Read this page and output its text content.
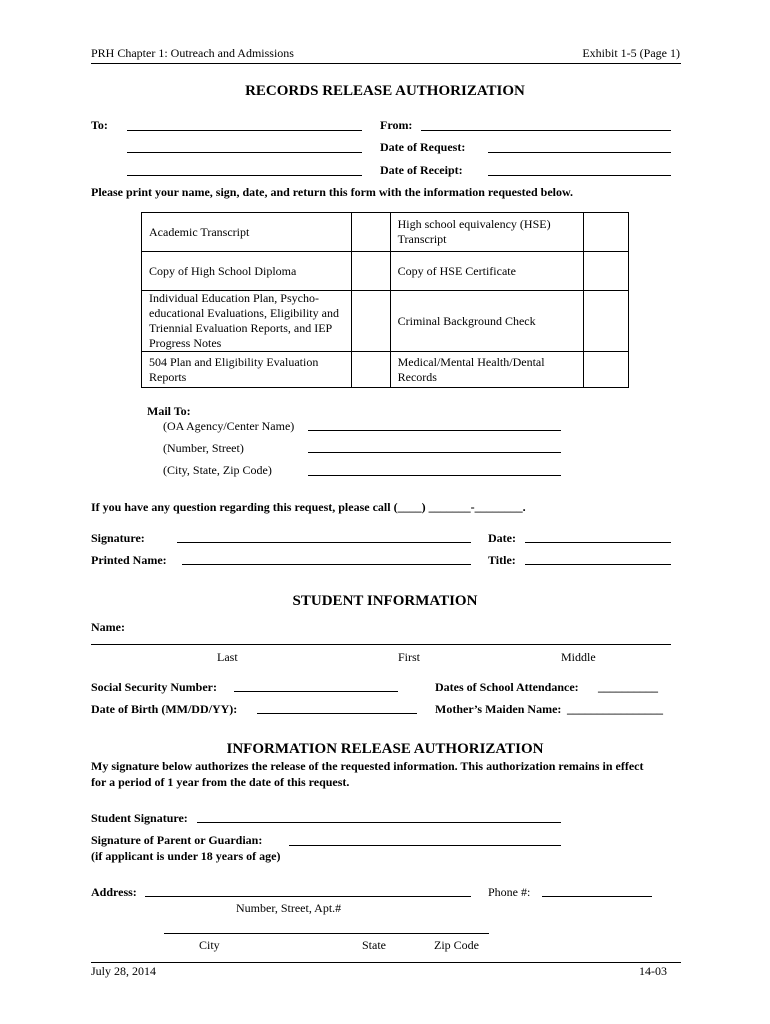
PRH Chapter 1: Outreach and Admissions	Exhibit 1-5 (Page 1)
RECORDS RELEASE AUTHORIZATION
To:	From:
Date of Request:
Date of Receipt:
Please print your name, sign, date, and return this form with the information requested below.
Academic Transcript		High school equivalency (HSE) Transcript	
Copy of High School Diploma		Copy of HSE Certificate	
Individual Education Plan, Psycho-educational Evaluations, Eligibility and Triennial Evaluation Reports, and IEP Progress Notes		Criminal Background Check	
504 Plan and Eligibility Evaluation Reports		Medical/Mental Health/Dental Records	
Mail To:
(OA Agency/Center Name)
(Number, Street)
(City, State, Zip Code)
If you have any question regarding this request, please call (____) _______-________.
Signature:	Date:
Printed Name:	Title:
STUDENT INFORMATION
Name:
Last	First	Middle
Social Security Number:	Dates of School Attendance: __________
Date of Birth (MM/DD/YY):	Mother’s Maiden Name: ________________
INFORMATION RELEASE AUTHORIZATION
My signature below authorizes the release of the requested information. This authorization remains in effect
for a period of 1 year from the date of this request.
Student Signature:
Signature of Parent or Guardian:
(if applicant is under 18 years of age)
Address:	Phone #:
Number, Street, Apt.#
City	State	Zip Code
July 28, 2014	14-03
